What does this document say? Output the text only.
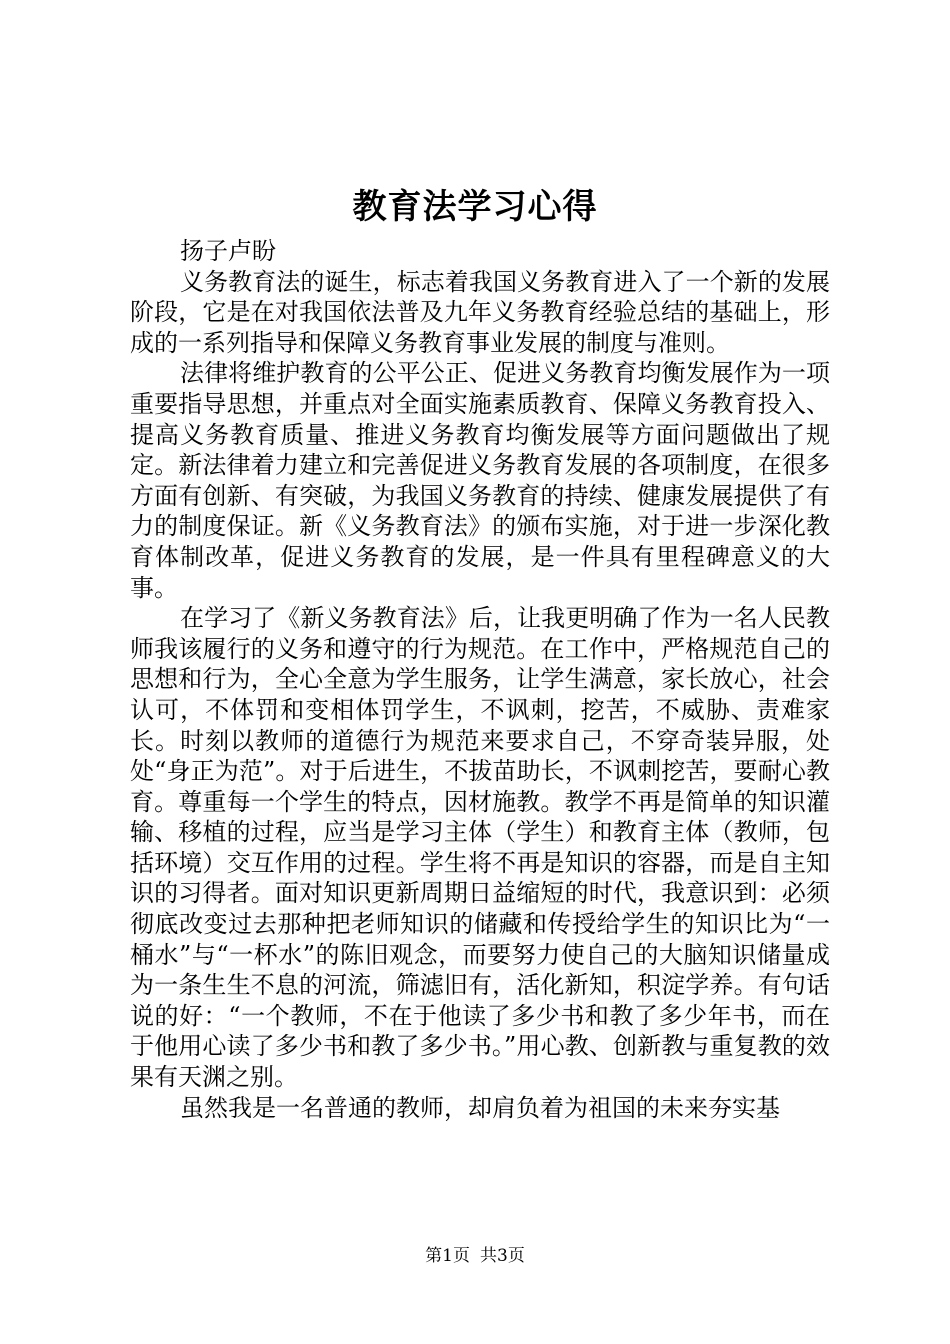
教育法学习心得

扬子卢盼

义务教育法的诞生，标志着我国义务教育进入了一个新的发展阶段，它是在对我国依法普及九年义务教育经验总结的基础上，形成的一系列指导和保障义务教育事业发展的制度与准则。

法律将维护教育的公平公正、促进义务教育均衡发展作为一项重要指导思想，并重点对全面实施素质教育、保障义务教育投入、提高义务教育质量、推进义务教育均衡发展等方面问题做出了规定。新法律着力建立和完善促进义务教育发展的各项制度，在很多方面有创新、有突破，为我国义务教育的持续、健康发展提供了有力的制度保证。新《义务教育法》的颁布实施，对于进一步深化教育体制改革，促进义务教育的发展，是一件具有里程碑意义的大事。

在学习了《新义务教育法》后，让我更明确了作为一名人民教师我该履行的义务和遵守的行为规范。在工作中，严格规范自己的思想和行为，全心全意为学生服务，让学生满意，家长放心，社会认可，不体罚和变相体罚学生，不讽刺，挖苦，不威胁、责难家长。时刻以教师的道德行为规范来要求自己，不穿奇装异服，处处“身正为范”。对于后进生，不拔苗助长，不讽刺挖苦，要耐心教育。尊重每一个学生的特点，因材施教。教学不再是简单的知识灌输、移植的过程，应当是学习主体（学生）和教育主体（教师，包括环境）交互作用的过程。学生将不再是知识的容器，而是自主知识的习得者。面对知识更新周期日益缩短的时代，我意识到：必须彻底改变过去那种把老师知识的储藏和传授给学生的知识比为“一桶水”与“一杯水”的陈旧观念，而要努力使自己的大脑知识储量成为一条生生不息的河流，筛滤旧有，活化新知，积淀学养。有句话说的好：“一个教师，不在于他读了多少书和教了多少年书，而在于他用心读了多少书和教了多少书。”用心教、创新教与重复教的效果有天渊之别。

虽然我是一名普通的教师，却肩负着为祖国的未来夯实基

第1页 共3页
